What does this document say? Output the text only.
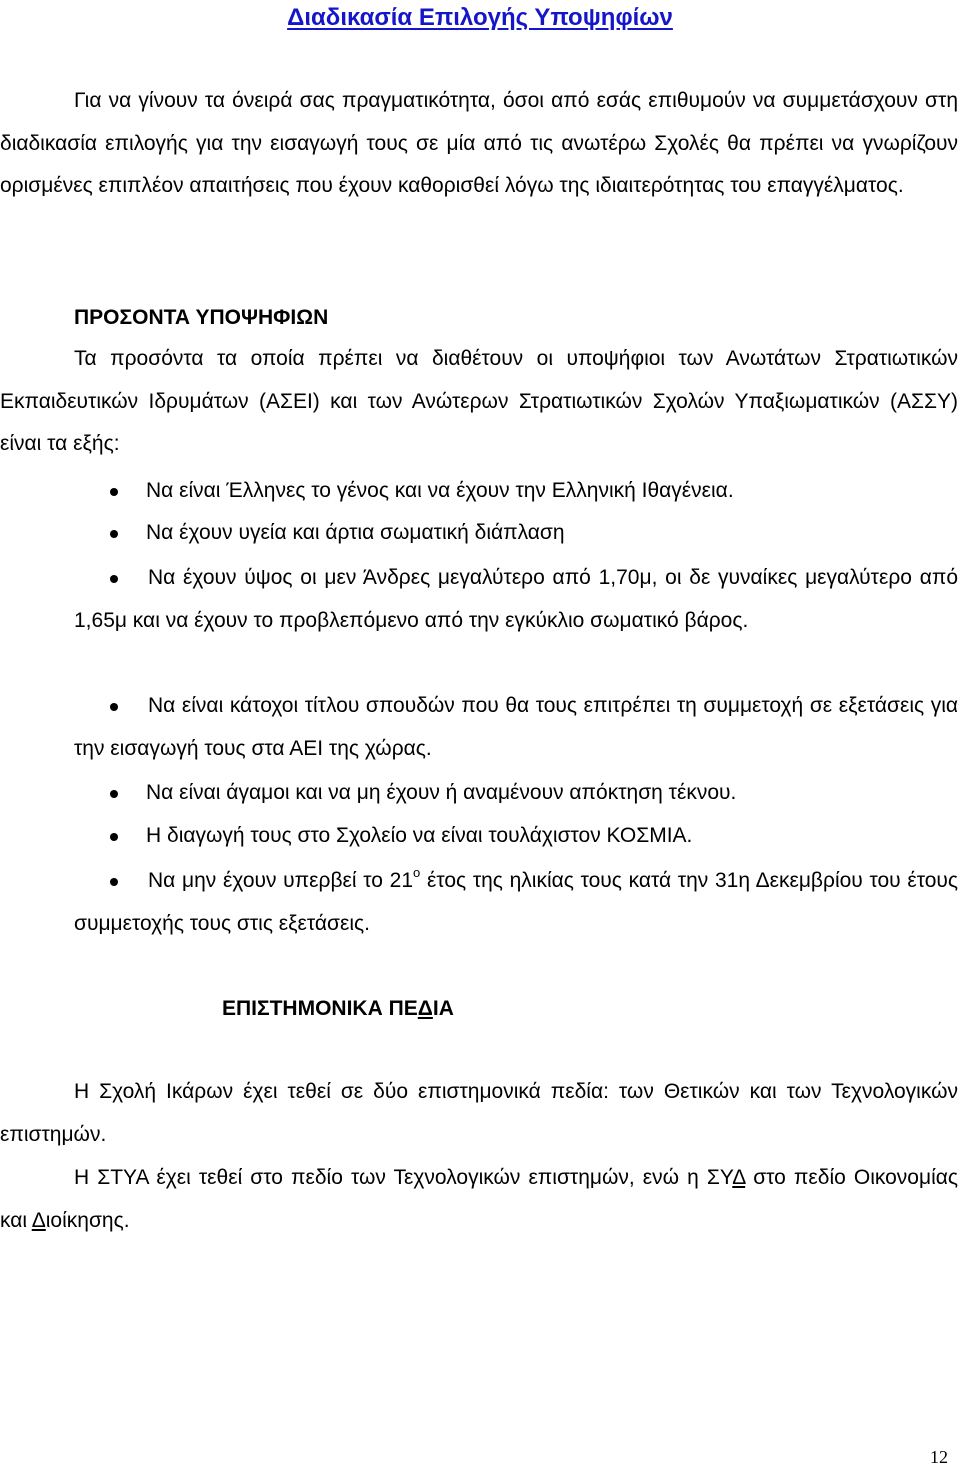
Διαδικασία Επιλογής Υποψηφίων
Για να γίνουν τα όνειρά σας πραγματικότητα, όσοι από εσάς επιθυμούν να συμμετάσχουν στη διαδικασία επιλογής για την εισαγωγή τους σε μία από τις ανωτέρω Σχολές θα πρέπει να γνωρίζουν ορισμένες επιπλέον απαιτήσεις που έχουν καθορισθεί λόγω της ιδιαιτερότητας του επαγγέλματος.
ΠΡΟΣΟΝΤΑ ΥΠΟΨΗΦΙΩΝ
Τα προσόντα τα οποία πρέπει να διαθέτουν οι υποψήφιοι των Ανωτάτων Στρατιωτικών Εκπαιδευτικών Ιδρυμάτων (ΑΣΕΙ) και των Ανώτερων Στρατιωτικών Σχολών Υπαξιωματικών (ΑΣΣΥ) είναι τα εξής:
Να είναι Έλληνες το γένος και να έχουν την Ελληνική Ιθαγένεια.
Να έχουν υγεία και άρτια σωματική διάπλαση
Να έχουν ύψος οι μεν Άνδρες μεγαλύτερο από 1,70μ, οι δε γυναίκες μεγαλύτερο από 1,65μ και να έχουν το προβλεπόμενο από την εγκύκλιο σωματικό βάρος.
Να είναι κάτοχοι τίτλου σπουδών που θα τους επιτρέπει τη συμμετοχή σε εξετάσεις για την εισαγωγή τους στα ΑΕΙ της χώρας.
Να είναι άγαμοι και να μη έχουν ή αναμένουν απόκτηση τέκνου.
Η διαγωγή τους στο Σχολείο να είναι τουλάχιστον ΚΟΣΜΙΑ.
Να μην έχουν υπερβεί το $21^o$ έτος της ηλικίας τους κατά την 31η Δεκεμβρίου του έτους συμμετοχής τους στις εξετάσεις.
ΕΠΙΣΤΗΜΟΝΙΚΑ ΠΕΔΙΑ
Η Σχολή Ικάρων έχει τεθεί σε δύο επιστημονικά πεδία: των Θετικών και των Τεχνολογικών επιστημών.
Η ΣΤΥΑ έχει τεθεί στο πεδίο των Τεχνολογικών επιστημών, ενώ η ΣΥΔ στο πεδίο Οικονομίας και Διοίκησης.
12
